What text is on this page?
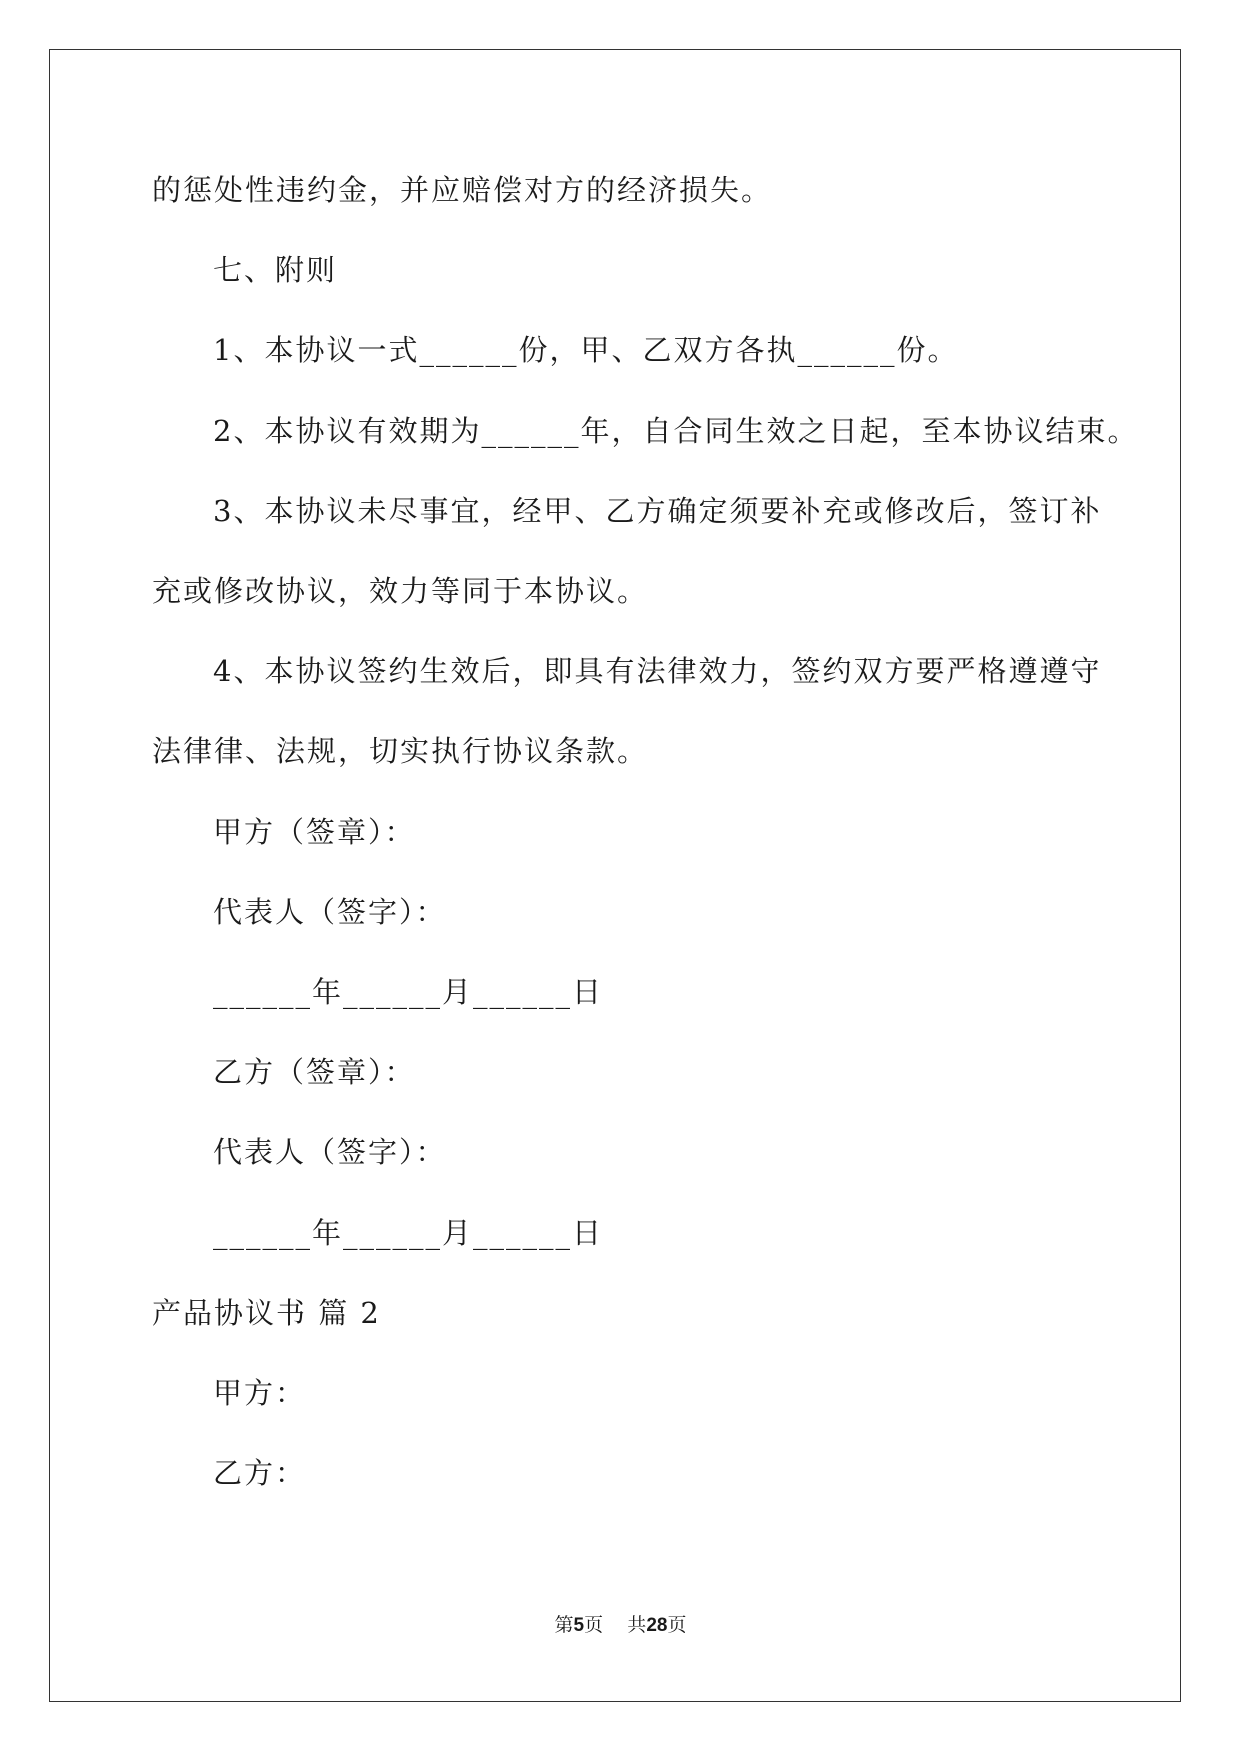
的惩处性违约金，并应赔偿对方的经济损失。
七、附则
1、本协议一式______份，甲、乙双方各执______份。
2、本协议有效期为______年，自合同生效之日起，至本协议结束。
3、本协议未尽事宜，经甲、乙方确定须要补充或修改后，签订补
充或修改协议，效力等同于本协议。
4、本协议签约生效后，即具有法律效力，签约双方要严格遵遵守
法律律、法规，切实执行协议条款。
甲方（签章）：
代表人（签字）：
______年______月______日
乙方（签章）：
代表人（签字）：
______年______月______日
产品协议书 篇 2
甲方：
乙方：
第5页 共28页
